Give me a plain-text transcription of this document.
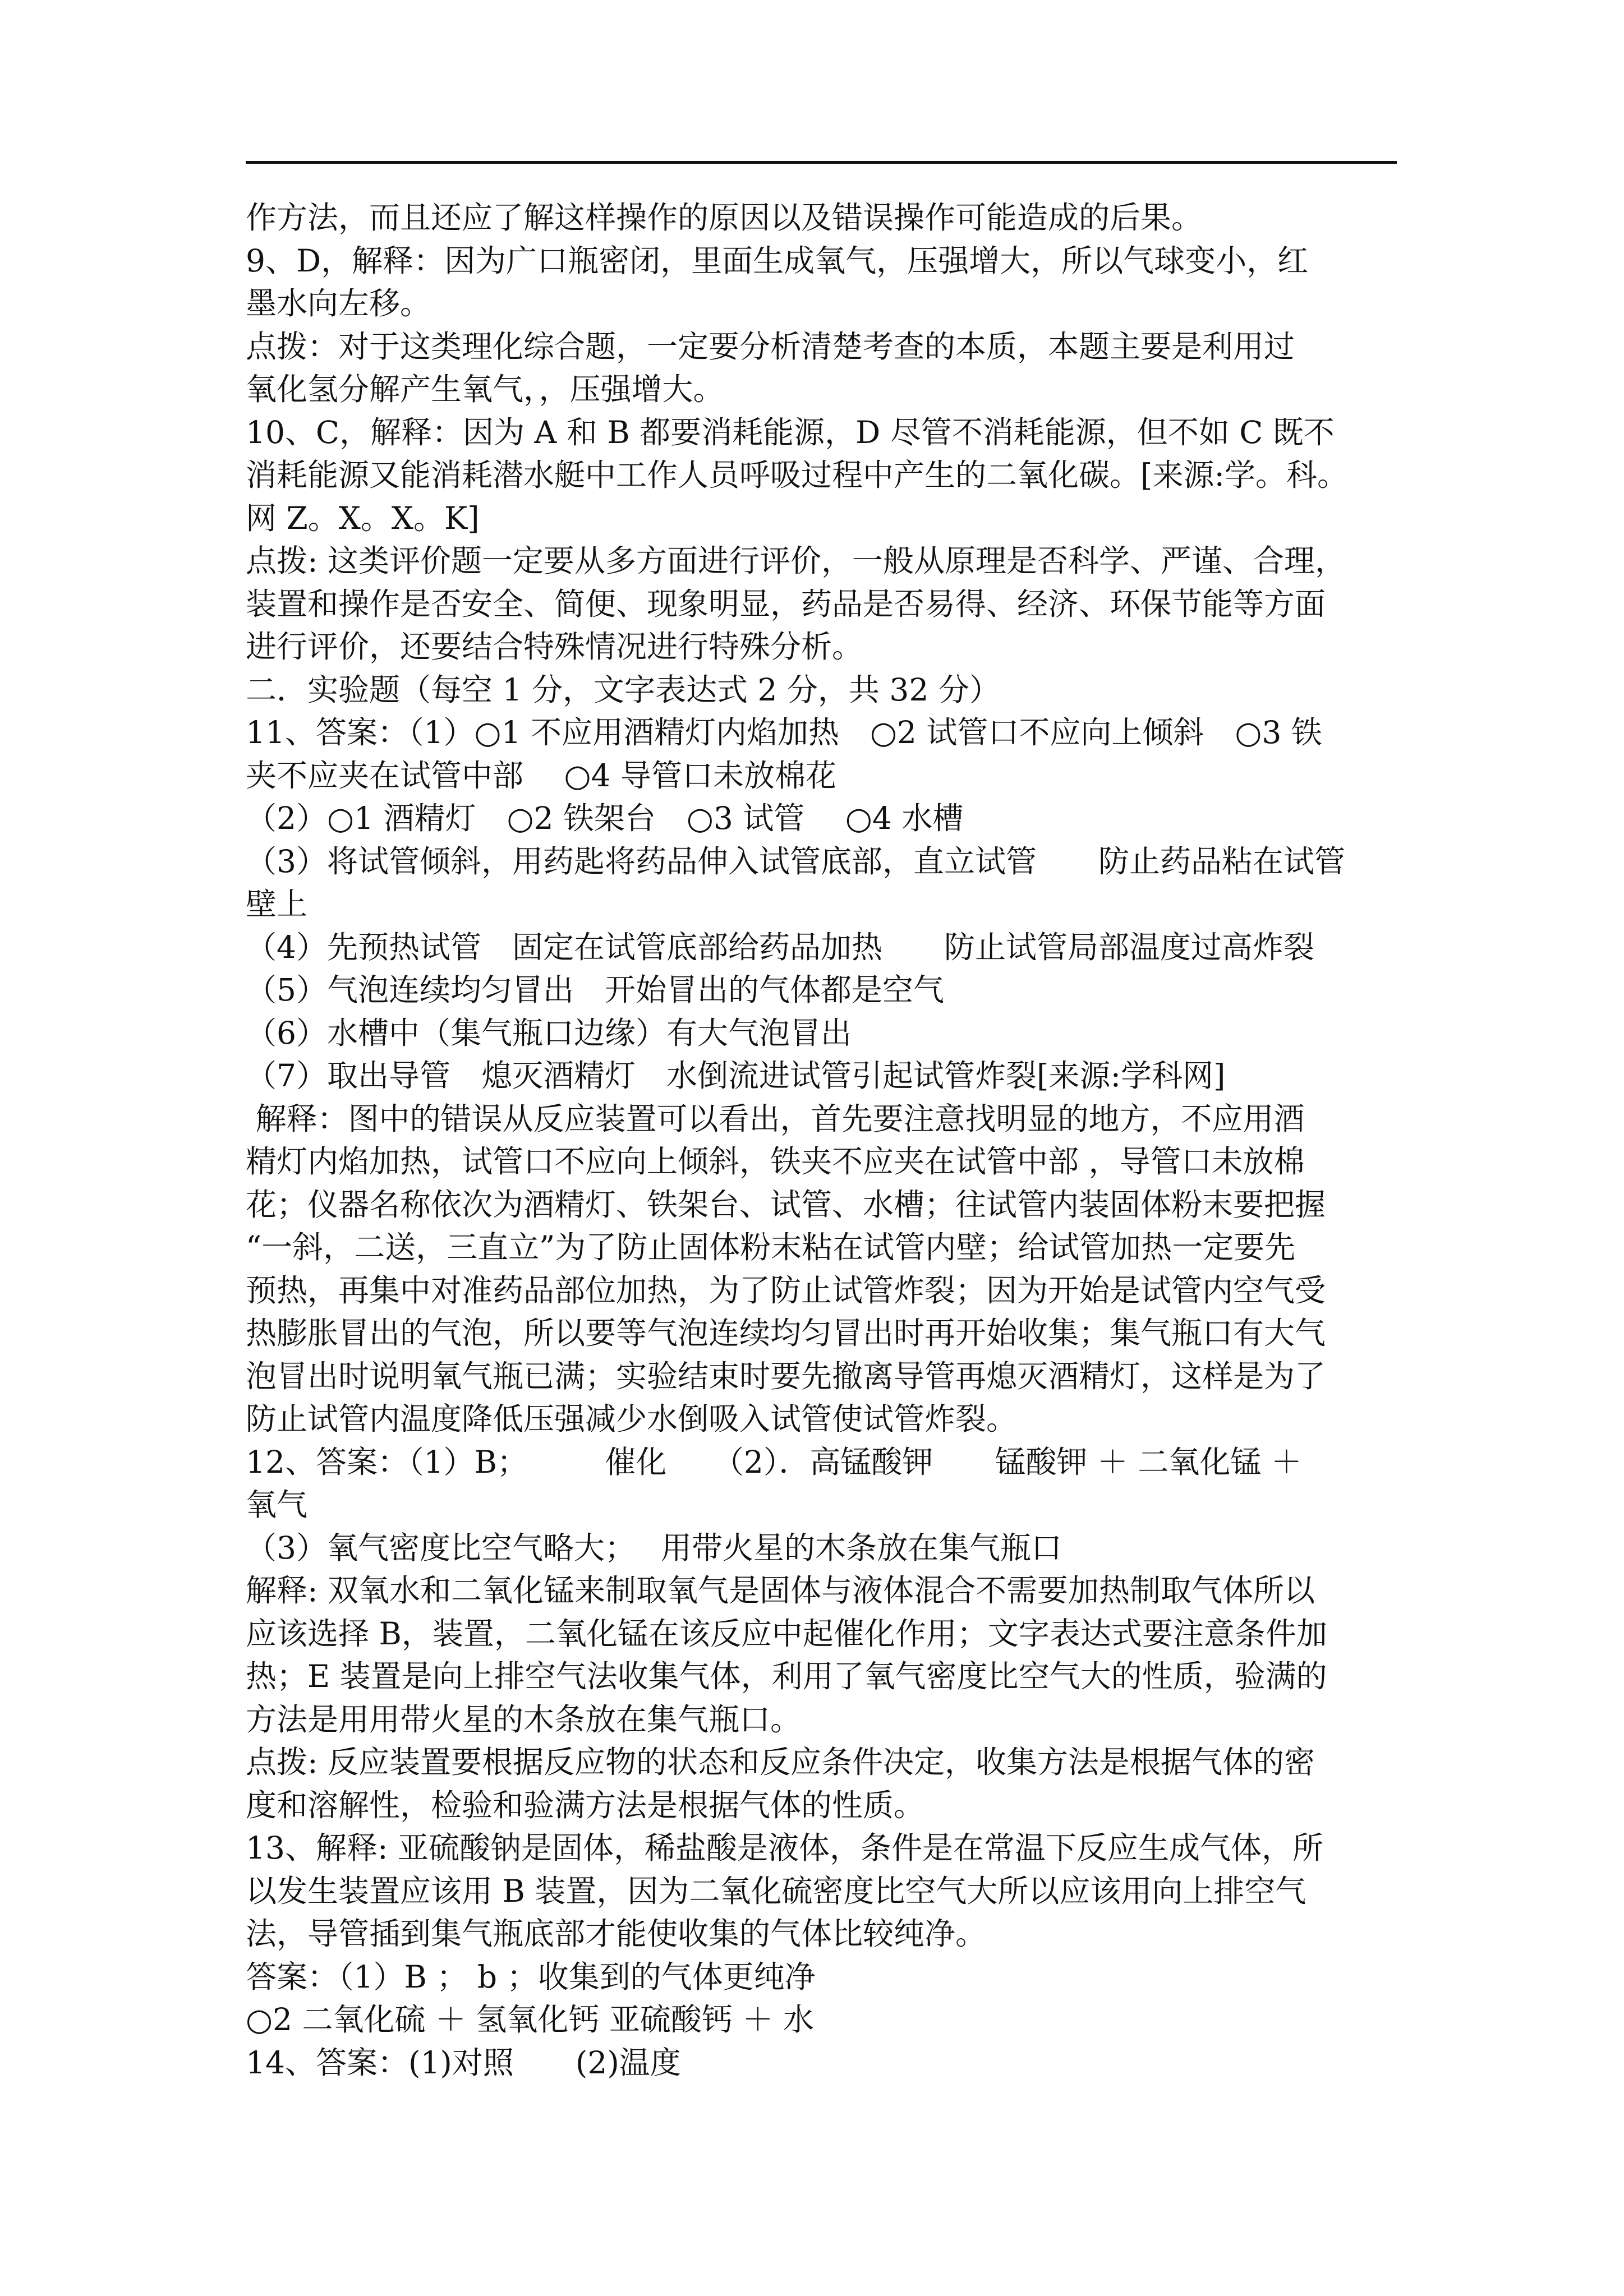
作方法，而且还应了解这样操作的原因以及错误操作可能造成的后果。
9、D，解释：因为广口瓶密闭，里面生成氧气，压强增大，所以气球变小，红
墨水向左移。
点拨：对于这类理化综合题，一定要分析清楚考查的本质，本题主要是利用过
氧化氢分解产生氧气，，压强增大。
10、C，解释：因为 A 和 B 都要消耗能源，D 尽管不消耗能源，但不如 C 既不
消耗能源又能消耗潜水艇中工作人员呼吸过程中产生的二氧化碳。[来源:学。科。
网 Z。X。X。K]
点拨: 这类评价题一定要从多方面进行评价，一般从原理是否科学、严谨、合理，
装置和操作是否安全、简便、现象明显，药品是否易得、经济、环保节能等方面
进行评价，还要结合特殊情况进行特殊分析。
二．实验题（每空 1 分，文字表达式 2 分，共 32 分）
11、答案：（1）○1 不应用酒精灯内焰加热　○2 试管口不应向上倾斜　○3 铁
夹不应夹在试管中部　 ○4 导管口未放棉花
（2）○1 酒精灯　○2 铁架台　○3 试管　 ○4 水槽
（3）将试管倾斜，用药匙将药品伸入试管底部，直立试管　　防止药品粘在试管
壁上
（4）先预热试管　固定在试管底部给药品加热　　防止试管局部温度过高炸裂
（5）气泡连续均匀冒出　开始冒出的气体都是空气
（6）水槽中（集气瓶口边缘）有大气泡冒出
（7）取出导管　熄灭酒精灯　水倒流进试管引起试管炸裂[来源:学科网]
解释：图中的错误从反应装置可以看出，首先要注意找明显的地方，不应用酒
精灯内焰加热，试管口不应向上倾斜，铁夹不应夹在试管中部 ，导管口未放棉
花；仪器名称依次为酒精灯、铁架台、试管、水槽；往试管内装固体粉末要把握
“一斜，二送，三直立”为了防止固体粉末粘在试管内壁；给试管加热一定要先
预热，再集中对准药品部位加热，为了防止试管炸裂；因为开始是试管内空气受
热膨胀冒出的气泡，所以要等气泡连续均匀冒出时再开始收集；集气瓶口有大气
泡冒出时说明氧气瓶已满；实验结束时要先撤离导管再熄灭酒精灯，这样是为了
防止试管内温度降低压强减少水倒吸入试管使试管炸裂。
12、答案：（1）B；　　　催化　　（2）．高锰酸钾　　锰酸钾 ＋ 二氧化锰 ＋
氧气
（3）氧气密度比空气略大；　 用带火星的木条放在集气瓶口
解释: 双氧水和二氧化锰来制取氧气是固体与液体混合不需要加热制取气体所以
应该选择 B，装置，二氧化锰在该反应中起催化作用；文字表达式要注意条件加
热；E 装置是向上排空气法收集气体，利用了氧气密度比空气大的性质，验满的
方法是用用带火星的木条放在集气瓶口。
点拨: 反应装置要根据反应物的状态和反应条件决定，收集方法是根据气体的密
度和溶解性，检验和验满方法是根据气体的性质。
13、解释: 亚硫酸钠是固体，稀盐酸是液体，条件是在常温下反应生成气体，所
以发生装置应该用 B 装置，因为二氧化硫密度比空气大所以应该用向上排空气
法，导管插到集气瓶底部才能使收集的气体比较纯净。
答案：（1）B ； b ；收集到的气体更纯净
○2 二氧化硫 ＋ 氢氧化钙 亚硫酸钙 ＋ 水
14、答案：(1)对照　　(2)温度
